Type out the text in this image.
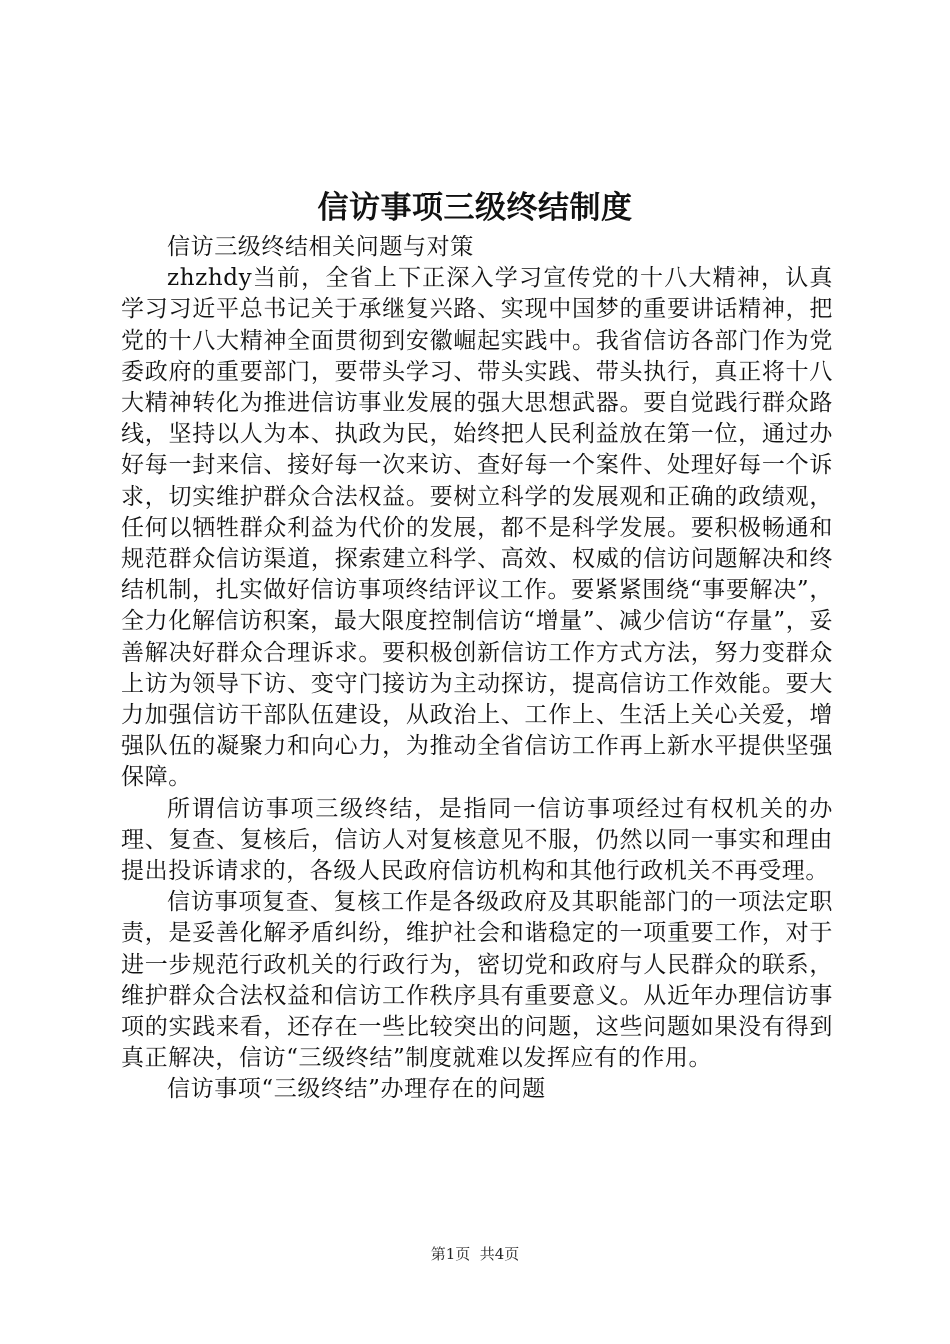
信访事项三级终结制度

信访三级终结相关问题与对策

zhzhdy当前，全省上下正深入学习宣传党的十八大精神，认真学习习近平总书记关于承继复兴路、实现中国梦的重要讲话精神，把党的十八大精神全面贯彻到安徽崛起实践中。我省信访各部门作为党委政府的重要部门，要带头学习、带头实践、带头执行，真正将十八大精神转化为推进信访事业发展的强大思想武器。要自觉践行群众路线，坚持以人为本、执政为民，始终把人民利益放在第一位，通过办好每一封来信、接好每一次来访、查好每一个案件、处理好每一个诉求，切实维护群众合法权益。要树立科学的发展观和正确的政绩观，任何以牺牲群众利益为代价的发展，都不是科学发展。要积极畅通和规范群众信访渠道，探索建立科学、高效、权威的信访问题解决和终结机制，扎实做好信访事项终结评议工作。要紧紧围绕“事要解决”，全力化解信访积案，最大限度控制信访“增量”、减少信访“存量”，妥善解决好群众合理诉求。要积极创新信访工作方式方法，努力变群众上访为领导下访、变守门接访为主动探访，提高信访工作效能。要大力加强信访干部队伍建设，从政治上、工作上、生活上关心关爱，增强队伍的凝聚力和向心力，为推动全省信访工作再上新水平提供坚强保障。

所谓信访事项三级终结，是指同一信访事项经过有权机关的办理、复查、复核后，信访人对复核意见不服，仍然以同一事实和理由提出投诉请求的，各级人民政府信访机构和其他行政机关不再受理。

信访事项复查、复核工作是各级政府及其职能部门的一项法定职责，是妥善化解矛盾纠纷，维护社会和谐稳定的一项重要工作，对于进一步规范行政机关的行政行为，密切党和政府与人民群众的联系，维护群众合法权益和信访工作秩序具有重要意义。从近年办理信访事项的实践来看，还存在一些比较突出的问题，这些问题如果没有得到真正解决，信访“三级终结”制度就难以发挥应有的作用。

信访事项“三级终结”办理存在的问题

第1页  共4页
